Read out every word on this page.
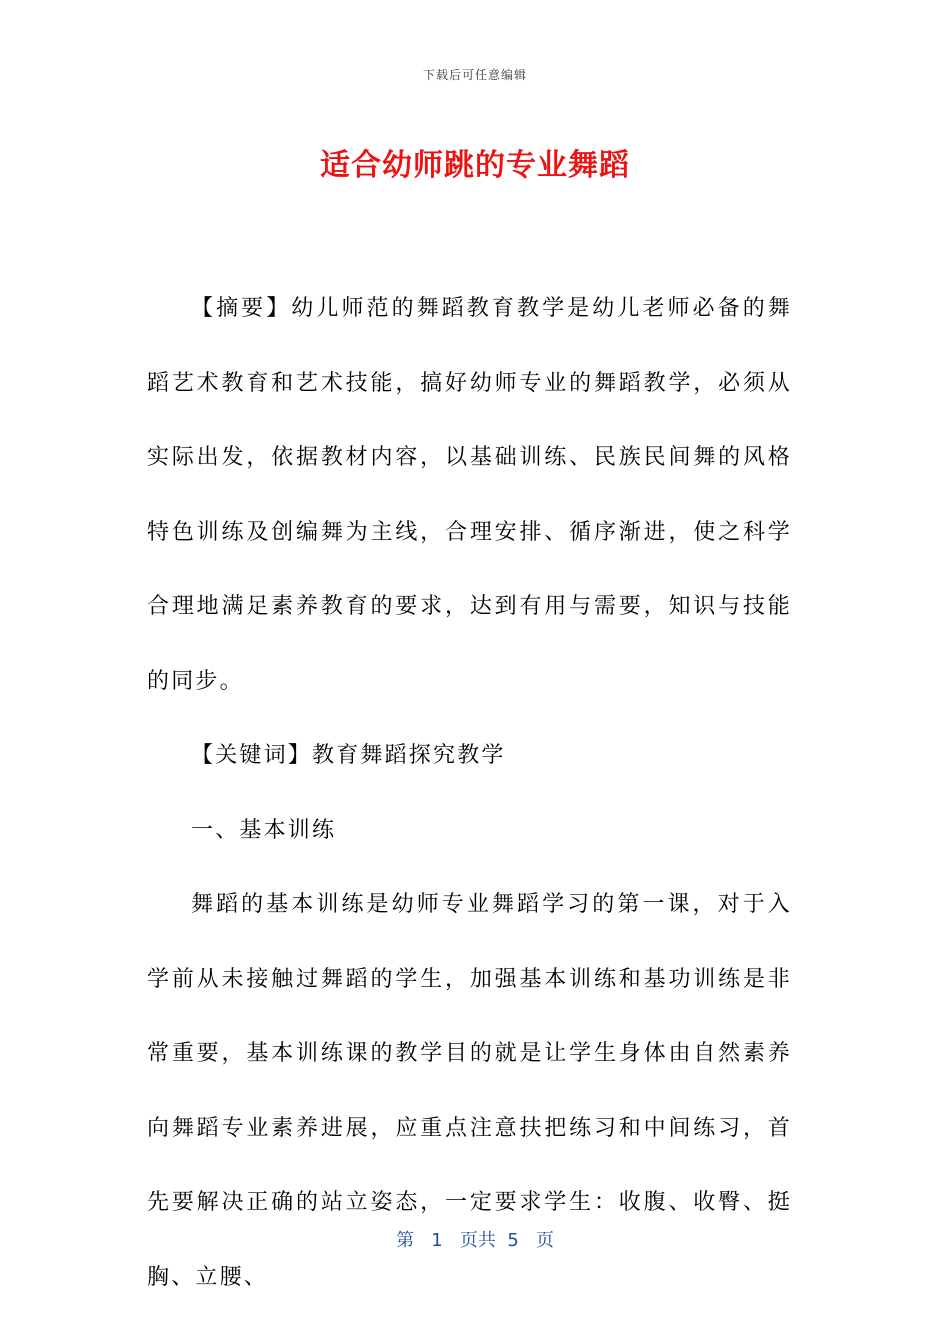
下载后可任意编辑
适合幼师跳的专业舞蹈

【摘要】幼儿师范的舞蹈教育教学是幼儿老师必备的舞蹈艺术教育和艺术技能，搞好幼师专业的舞蹈教学，必须从实际出发，依据教材内容，以基础训练、民族民间舞的风格特色训练及创编舞为主线，合理安排、循序渐进，使之科学合理地满足素养教育的要求，达到有用与需要，知识与技能的同步。

【关键词】教育舞蹈探究教学

一、基本训练

舞蹈的基本训练是幼师专业舞蹈学习的第一课，对于入学前从未接触过舞蹈的学生，加强基本训练和基功训练是非常重要，基本训练课的教学目的就是让学生身体由自然素养向舞蹈专业素养进展，应重点注意扶把练习和中间练习，首先要解决正确的站立姿态，一定要求学生：收腹、收臀、挺胸、立腰、

第 1 页共 5 页
